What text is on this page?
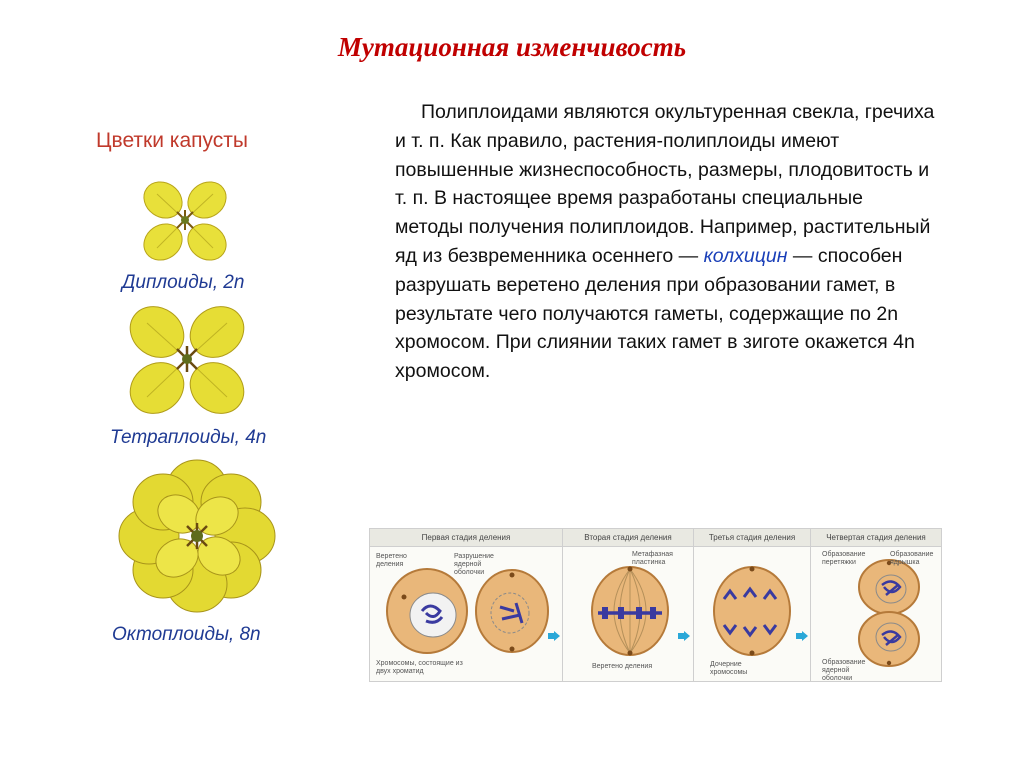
Мутационная изменчивость
Цветки капусты
Диплоиды, 2n
Тетраплоиды, 4n
Октоплоиды, 8n
Полиплоидами являются окультуренная свекла, гречиха и т. п. Как правило, растения-полиплоиды имеют повышенные жизнеспособность, размеры, плодовитость и т. п. В настоящее время разработаны специальные методы получения полиплоидов. Например, растительный яд из безвременника осеннего — колхицин — способен разрушать веретено деления при образовании гамет, в результате чего получаются гаметы, содержащие по 2n хромосом. При слиянии таких гамет в зиготе окажется 4n хромосом.
Первая стадия деления	Вторая стадия деления	Третья стадия деления	Четвертая стадия деления
Веретено деления
Разрушение ядерной оболочки
Хромосомы, состоящие из двух хроматид
Метафазная пластинка
Веретено деления	Дочерние хромосомы
Образование перетяжки
Образование ядрышка
Образование ядерной оболочки
